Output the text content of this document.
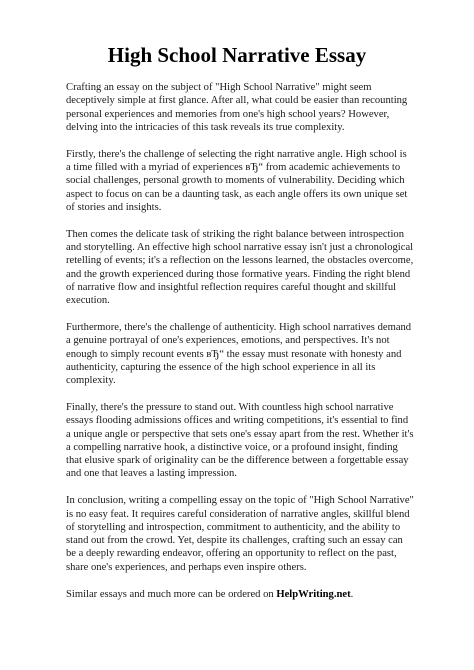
High School Narrative Essay

Crafting an essay on the subject of "High School Narrative" might seem deceptively simple at first glance. After all, what could be easier than recounting personal experiences and memories from one's high school years? However, delving into the intricacies of this task reveals its true complexity.

Firstly, there's the challenge of selecting the right narrative angle. High school is a time filled with a myriad of experiences вЂ“ from academic achievements to social challenges, personal growth to moments of vulnerability. Deciding which aspect to focus on can be a daunting task, as each angle offers its own unique set of stories and insights.

Then comes the delicate task of striking the right balance between introspection and storytelling. An effective high school narrative essay isn't just a chronological retelling of events; it's a reflection on the lessons learned, the obstacles overcome, and the growth experienced during those formative years. Finding the right blend of narrative flow and insightful reflection requires careful thought and skillful execution.

Furthermore, there's the challenge of authenticity. High school narratives demand a genuine portrayal of one's experiences, emotions, and perspectives. It's not enough to simply recount events вЂ“ the essay must resonate with honesty and authenticity, capturing the essence of the high school experience in all its complexity.

Finally, there's the pressure to stand out. With countless high school narrative essays flooding admissions offices and writing competitions, it's essential to find a unique angle or perspective that sets one's essay apart from the rest. Whether it's a compelling narrative hook, a distinctive voice, or a profound insight, finding that elusive spark of originality can be the difference between a forgettable essay and one that leaves a lasting impression.

In conclusion, writing a compelling essay on the topic of "High School Narrative" is no easy feat. It requires careful consideration of narrative angles, skillful blend of storytelling and introspection, commitment to authenticity, and the ability to stand out from the crowd. Yet, despite its challenges, crafting such an essay can be a deeply rewarding endeavor, offering an opportunity to reflect on the past, share one's experiences, and perhaps even inspire others.

Similar essays and much more can be ordered on HelpWriting.net.
